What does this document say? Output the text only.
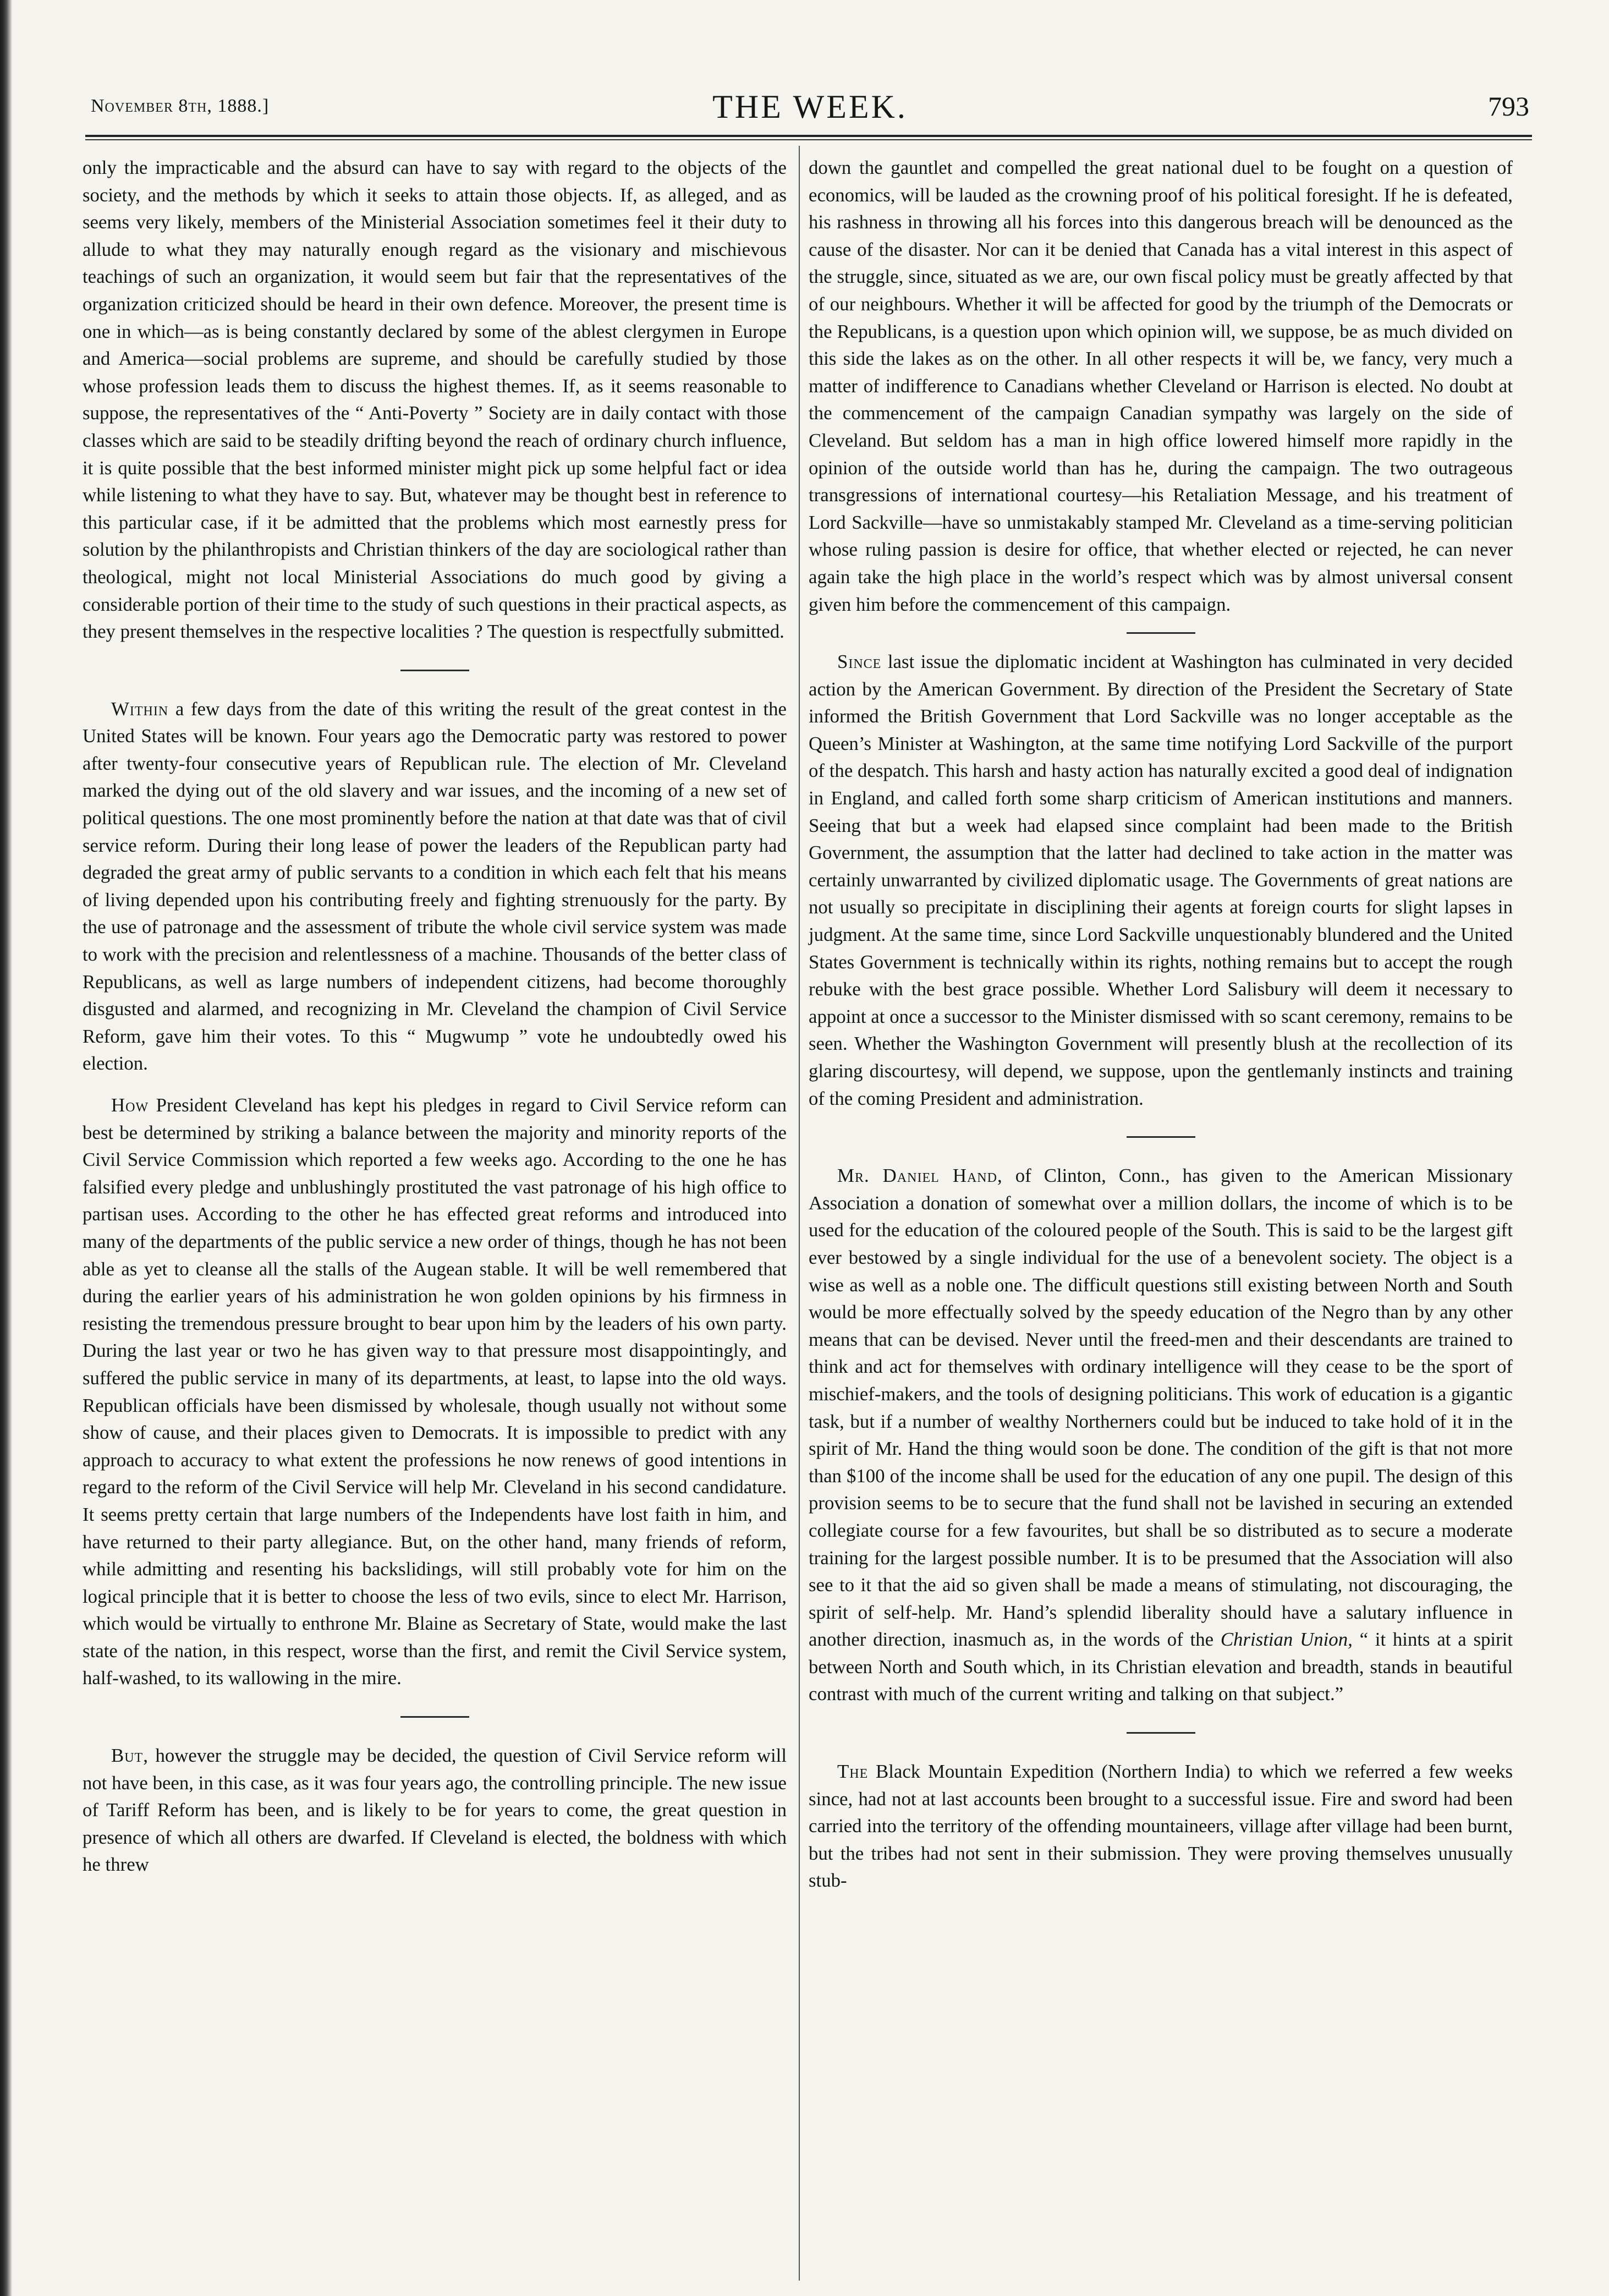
November 8th, 1888.]	THE WEEK.	793

only the impracticable and the absurd can have to say with regard to the objects of the society, and the methods by which it seeks to attain those objects. If, as alleged, and as seems very likely, members of the Ministerial Association sometimes feel it their duty to allude to what they may naturally enough regard as the visionary and mischievous teachings of such an organization, it would seem but fair that the representatives of the organization criticized should be heard in their own defence. Moreover, the present time is one in which—as is being constantly declared by some of the ablest clergymen in Europe and America—social problems are supreme, and should be carefully studied by those whose profession leads them to discuss the highest themes. If, as it seems reasonable to suppose, the representatives of the “ Anti-Poverty ” Society are in daily contact with those classes which are said to be steadily drifting beyond the reach of ordinary church influence, it is quite possible that the best informed minister might pick up some helpful fact or idea while listening to what they have to say. But, whatever may be thought best in reference to this particular case, if it be admitted that the problems which most earnestly press for solution by the philanthropists and Christian thinkers of the day are sociological rather than theological, might not local Ministerial Associations do much good by giving a considerable portion of their time to the study of such questions in their practical aspects, as they present themselves in the respective localities ? The question is respectfully submitted.

Within a few days from the date of this writing the result of the great contest in the United States will be known. Four years ago the Democratic party was restored to power after twenty-four consecutive years of Republican rule. The election of Mr. Cleveland marked the dying out of the old slavery and war issues, and the incoming of a new set of political questions. The one most prominently before the nation at that date was that of civil service reform. During their long lease of power the leaders of the Republican party had degraded the great army of public servants to a condition in which each felt that his means of living depended upon his contributing freely and fighting strenuously for the party. By the use of patronage and the assessment of tribute the whole civil service system was made to work with the precision and relentlessness of a machine. Thousands of the better class of Republicans, as well as large numbers of independent citizens, had become thoroughly disgusted and alarmed, and recognizing in Mr. Cleveland the champion of Civil Service Reform, gave him their votes. To this “ Mugwump ” vote he undoubtedly owed his election.

How President Cleveland has kept his pledges in regard to Civil Service reform can best be determined by striking a balance between the majority and minority reports of the Civil Service Commission which reported a few weeks ago. According to the one he has falsified every pledge and unblushingly prostituted the vast patronage of his high office to partisan uses. According to the other he has effected great reforms and introduced into many of the departments of the public service a new order of things, though he has not been able as yet to cleanse all the stalls of the Augean stable. It will be well remembered that during the earlier years of his administration he won golden opinions by his firmness in resisting the tremendous pressure brought to bear upon him by the leaders of his own party. During the last year or two he has given way to that pressure most disappointingly, and suffered the public service in many of its departments, at least, to lapse into the old ways. Republican officials have been dismissed by wholesale, though usually not without some show of cause, and their places given to Democrats. It is impossible to predict with any approach to accuracy to what extent the professions he now renews of good intentions in regard to the reform of the Civil Service will help Mr. Cleveland in his second candidature. It seems pretty certain that large numbers of the Independents have lost faith in him, and have returned to their party allegiance. But, on the other hand, many friends of reform, while admitting and resenting his backslidings, will still probably vote for him on the logical principle that it is better to choose the less of two evils, since to elect Mr. Harrison, which would be virtually to enthrone Mr. Blaine as Secretary of State, would make the last state of the nation, in this respect, worse than the first, and remit the Civil Service system, half-washed, to its wallowing in the mire.

But, however the struggle may be decided, the question of Civil Service reform will not have been, in this case, as it was four years ago, the controlling principle. The new issue of Tariff Reform has been, and is likely to be for years to come, the great question in presence of which all others are dwarfed. If Cleveland is elected, the boldness with which he threw

down the gauntlet and compelled the great national duel to be fought on a question of economics, will be lauded as the crowning proof of his political foresight. If he is defeated, his rashness in throwing all his forces into this dangerous breach will be denounced as the cause of the disaster. Nor can it be denied that Canada has a vital interest in this aspect of the struggle, since, situated as we are, our own fiscal policy must be greatly affected by that of our neighbours. Whether it will be affected for good by the triumph of the Democrats or the Republicans, is a question upon which opinion will, we suppose, be as much divided on this side the lakes as on the other. In all other respects it will be, we fancy, very much a matter of indifference to Canadians whether Cleveland or Harrison is elected. No doubt at the commencement of the campaign Canadian sympathy was largely on the side of Cleveland. But seldom has a man in high office lowered himself more rapidly in the opinion of the outside world than has he, during the campaign. The two outrageous transgressions of international courtesy—his Retaliation Message, and his treatment of Lord Sackville—have so unmistakably stamped Mr. Cleveland as a time-serving politician whose ruling passion is desire for office, that whether elected or rejected, he can never again take the high place in the world’s respect which was by almost universal consent given him before the commencement of this campaign.

Since last issue the diplomatic incident at Washington has culminated in very decided action by the American Government. By direction of the President the Secretary of State informed the British Government that Lord Sackville was no longer acceptable as the Queen’s Minister at Washington, at the same time notifying Lord Sackville of the purport of the despatch. This harsh and hasty action has naturally excited a good deal of indignation in England, and called forth some sharp criticism of American institutions and manners. Seeing that but a week had elapsed since complaint had been made to the British Government, the assumption that the latter had declined to take action in the matter was certainly unwarranted by civilized diplomatic usage. The Governments of great nations are not usually so precipitate in disciplining their agents at foreign courts for slight lapses in judgment. At the same time, since Lord Sackville unquestionably blundered and the United States Government is technically within its rights, nothing remains but to accept the rough rebuke with the best grace possible. Whether Lord Salisbury will deem it necessary to appoint at once a successor to the Minister dismissed with so scant ceremony, remains to be seen. Whether the Washington Government will presently blush at the recollection of its glaring discourtesy, will depend, we suppose, upon the gentlemanly instincts and training of the coming President and administration.

Mr. Daniel Hand, of Clinton, Conn., has given to the American Missionary Association a donation of somewhat over a million dollars, the income of which is to be used for the education of the coloured people of the South. This is said to be the largest gift ever bestowed by a single individual for the use of a benevolent society. The object is a wise as well as a noble one. The difficult questions still existing between North and South would be more effectually solved by the speedy education of the Negro than by any other means that can be devised. Never until the freed-men and their descendants are trained to think and act for themselves with ordinary intelligence will they cease to be the sport of mischief-makers, and the tools of designing politicians. This work of education is a gigantic task, but if a number of wealthy Northerners could but be induced to take hold of it in the spirit of Mr. Hand the thing would soon be done. The condition of the gift is that not more than $100 of the income shall be used for the education of any one pupil. The design of this provision seems to be to secure that the fund shall not be lavished in securing an extended collegiate course for a few favourites, but shall be so distributed as to secure a moderate training for the largest possible number. It is to be presumed that the Association will also see to it that the aid so given shall be made a means of stimulating, not discouraging, the spirit of self-help. Mr. Hand’s splendid liberality should have a salutary influence in another direction, inasmuch as, in the words of the Christian Union, “ it hints at a spirit between North and South which, in its Christian elevation and breadth, stands in beautiful contrast with much of the current writing and talking on that subject.”

The Black Mountain Expedition (Northern India) to which we referred a few weeks since, had not at last accounts been brought to a successful issue. Fire and sword had been carried into the territory of the offending mountaineers, village after village had been burnt, but the tribes had not sent in their submission. They were proving themselves unusually stub-
